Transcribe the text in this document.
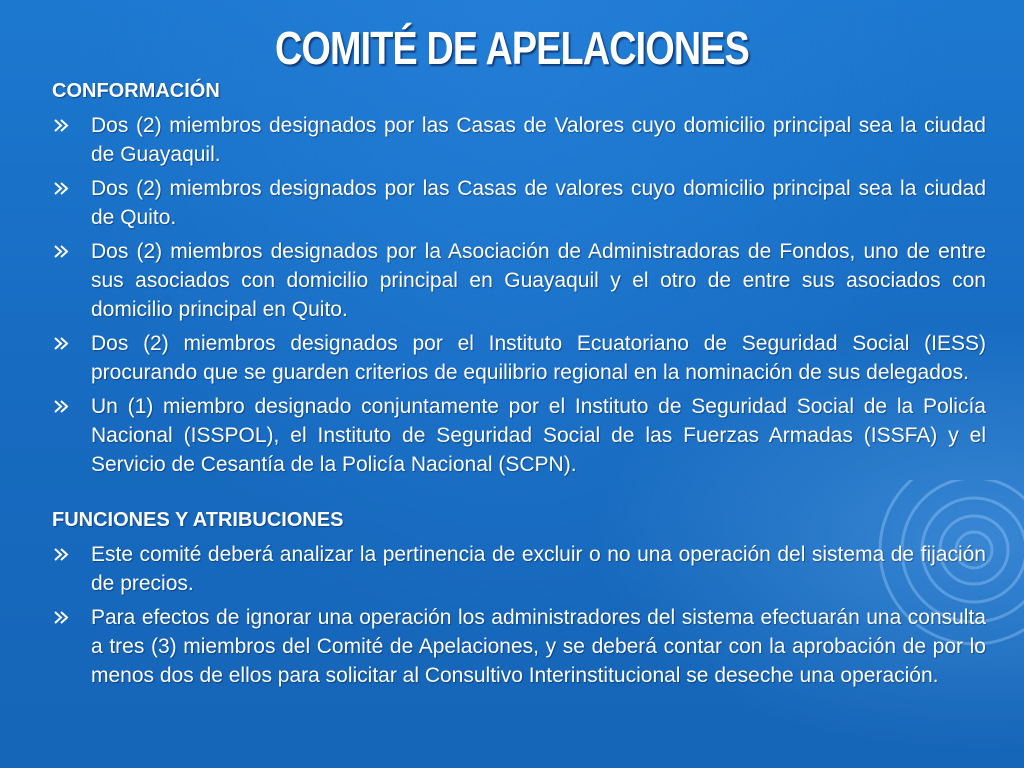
COMITÉ DE APELACIONES
CONFORMACIÓN
Dos (2) miembros designados por las Casas de Valores cuyo domicilio principal sea la ciudad de Guayaquil.
Dos (2) miembros designados por las Casas de valores cuyo domicilio principal sea la ciudad de Quito.
Dos (2) miembros designados por la Asociación de Administradoras de Fondos, uno de entre sus asociados con domicilio principal en Guayaquil y el otro de entre sus asociados con domicilio principal en Quito.
Dos (2) miembros designados por el Instituto Ecuatoriano de Seguridad Social (IESS) procurando que se guarden criterios de equilibrio regional en la nominación de sus delegados.
Un (1) miembro designado conjuntamente por el Instituto de Seguridad Social de la Policía Nacional (ISSPOL), el Instituto de Seguridad Social de las Fuerzas Armadas (ISSFA) y el Servicio de Cesantía de la Policía Nacional (SCPN).
FUNCIONES Y ATRIBUCIONES
Este comité deberá analizar la pertinencia de excluir o no una operación del sistema de fijación de precios.
Para efectos de ignorar una operación los administradores del sistema efectuarán una consulta a tres (3) miembros del Comité de Apelaciones, y se deberá contar con la aprobación de por lo menos dos de ellos para solicitar al Consultivo Interinstitucional se deseche una operación.
